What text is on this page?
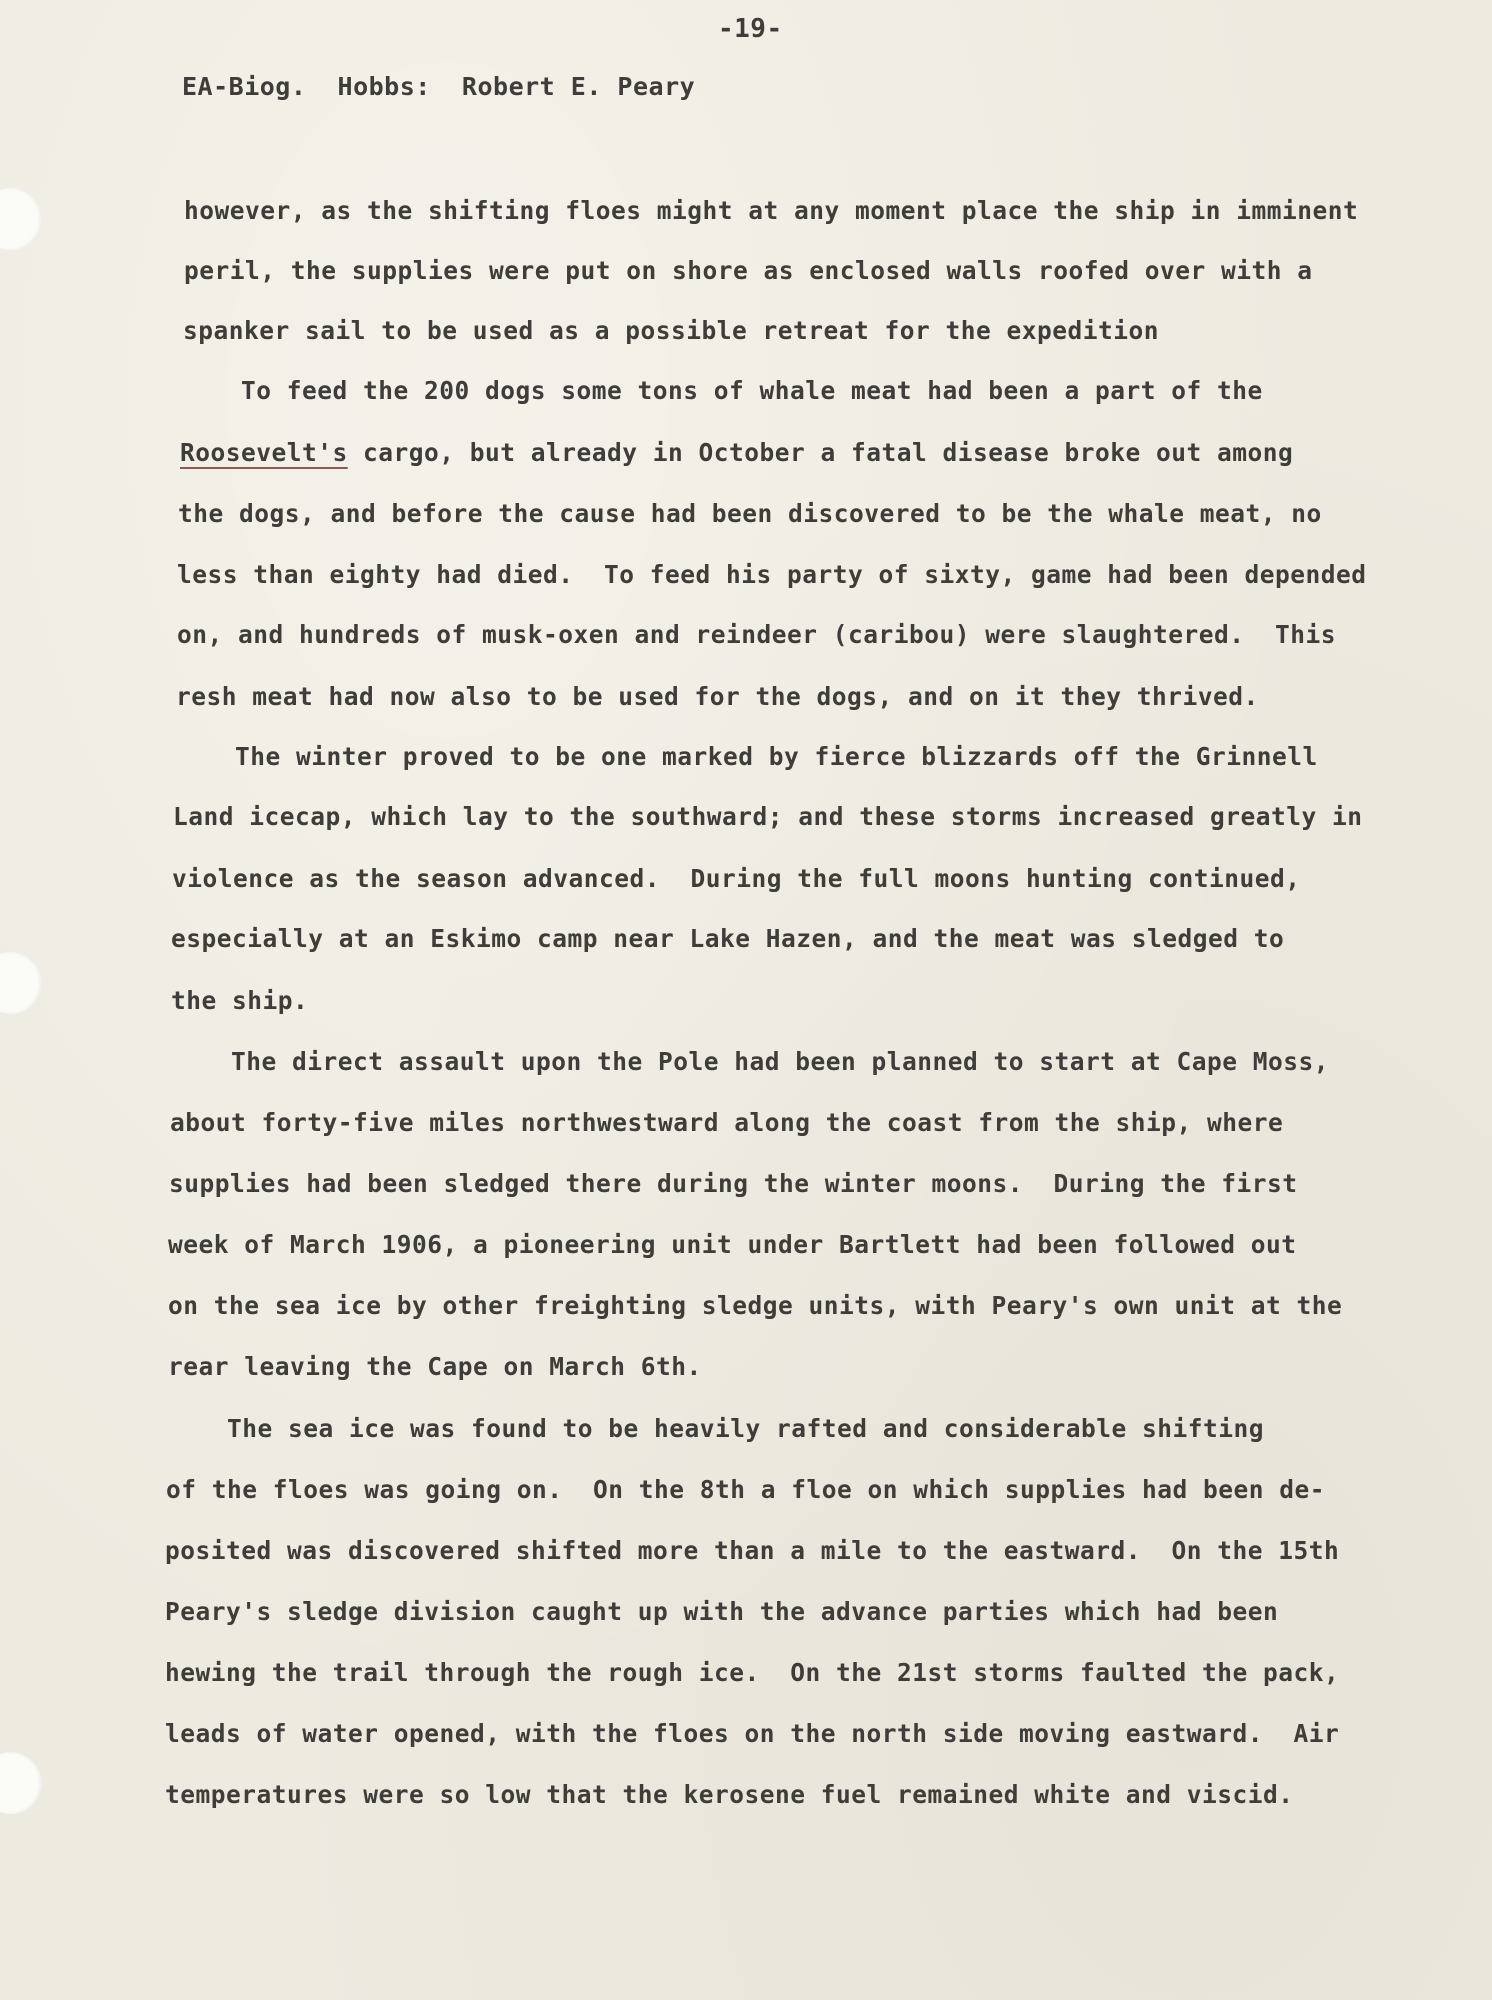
-19-
EA-Biog.  Hobbs:  Robert E. Peary
however, as the shifting floes might at any moment place the ship in imminent
peril, the supplies were put on shore as enclosed walls roofed over with a
spanker sail to be used as a possible retreat for the expedition
To feed the 200 dogs some tons of whale meat had been a part of the
Roosevelt's cargo, but already in October a fatal disease broke out among
the dogs, and before the cause had been discovered to be the whale meat, no
less than eighty had died.  To feed his party of sixty, game had been depended
on, and hundreds of musk-oxen and reindeer (caribou) were slaughtered.  This
resh meat had now also to be used for the dogs, and on it they thrived.
The winter proved to be one marked by fierce blizzards off the Grinnell
Land icecap, which lay to the southward; and these storms increased greatly in
violence as the season advanced.  During the full moons hunting continued,
especially at an Eskimo camp near Lake Hazen, and the meat was sledged to
the ship.
The direct assault upon the Pole had been planned to start at Cape Moss,
about forty-five miles northwestward along the coast from the ship, where
supplies had been sledged there during the winter moons.  During the first
week of March 1906, a pioneering unit under Bartlett had been followed out
on the sea ice by other freighting sledge units, with Peary's own unit at the
rear leaving the Cape on March 6th.
The sea ice was found to be heavily rafted and considerable shifting
of the floes was going on.  On the 8th a floe on which supplies had been de-
posited was discovered shifted more than a mile to the eastward.  On the 15th
Peary's sledge division caught up with the advance parties which had been
hewing the trail through the rough ice.  On the 21st storms faulted the pack,
leads of water opened, with the floes on the north side moving eastward.  Air
temperatures were so low that the kerosene fuel remained white and viscid.
